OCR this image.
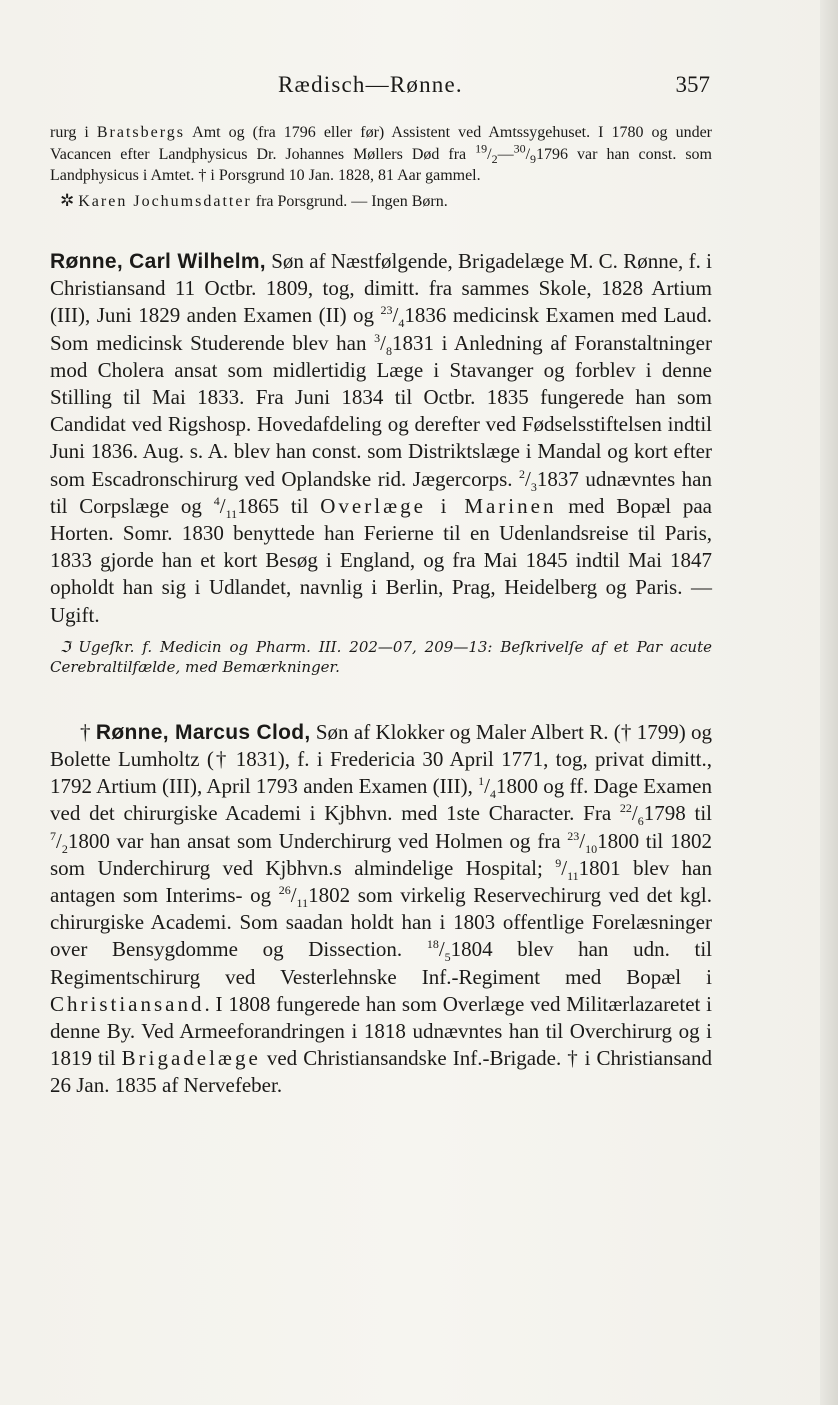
Rædisch—Rønne.	357

rurg i Bratsbergs Amt og (fra 1796 eller før) Assistent ved Amtssygehuset. I 1780 og under Vacancen efter Landphysicus Dr. Johannes Møllers Død fra $^{19}/_2—^{30}/_91796$ var han const. som Landphysicus i Amtet. † i Porsgrund 10 Jan. 1828, 81 Aar gammel.

✲ Karen Jochumsdatter fra Porsgrund. — Ingen Børn.

Rønne, Carl Wilhelm, Søn af Næstfølgende, Brigadelæge M. C. Rønne, f. i Christiansand 11 Octbr. 1809, tog, dimitt. fra sammes Skole, 1828 Artium (III), Juni 1829 anden Examen (II) og $^{23}/_41836$ medicinsk Examen med Laud. Som medicinsk Studerende blev han $^3/_81831$ i Anledning af Foranstaltninger mod Cholera ansat som midlertidig Læge i Stavanger og forblev i denne Stilling til Mai 1833. Fra Juni 1834 til Octbr. 1835 fungerede han som Candidat ved Rigshosp. Hovedafdeling og derefter ved Fødselsstiftelsen indtil Juni 1836. Aug. s. A. blev han const. som Distriktslæge i Mandal og kort efter som Escadronschirurg ved Oplandske rid. Jægercorps. $^2/_31837$ udnævntes han til Corpslæge og $^4/_{11}1865$ til Overlæge i Marinen med Bopæl paa Horten. Somr. 1830 benyttede han Ferierne til en Udenlandsreise til Paris, 1833 gjorde han et kort Besøg i England, og fra Mai 1845 indtil Mai 1847 opholdt han sig i Udlandet, navnlig i Berlin, Prag, Heidelberg og Paris. — Ugift.

ℑ Ugeſkr. f. Medicin og Pharm. III. 202—07, 209—13: Beſkrivelſe af et Par acute Cerebraltilfælde, med Bemærkninger.

† Rønne, Marcus Clod, Søn af Klokker og Maler Albert R. († 1799) og Bolette Lumholtz († 1831), f. i Fredericia 30 April 1771, tog, privat dimitt., 1792 Artium (III), April 1793 anden Examen (III), $^1/_41800$ og ff. Dage Examen ved det chirurgiske Academi i Kjbhvn. med 1ste Character. Fra $^{22}/_61798$ til $^7/_21800$ var han ansat som Underchirurg ved Holmen og fra $^{23}/_{10}1800$ til 1802 som Underchirurg ved Kjbhvn.s almindelige Hospital; $^9/_{11}1801$ blev han antagen som Interims- og $^{26}/_{11}1802$ som virkelig Reservechirurg ved det kgl. chirurgiske Academi. Som saadan holdt han i 1803 offentlige Forelæsninger over Bensygdomme og Dissection. $^{18}/_51804$ blev han udn. til Regimentschirurg ved Vesterlehnske Inf.-Regiment med Bopæl i Christiansand. I 1808 fungerede han som Overlæge ved Militærlazaretet i denne By. Ved Armeeforandringen i 1818 udnævntes han til Overchirurg og i 1819 til Brigadelæge ved Christiansandske Inf.-Brigade. † i Christiansand 26 Jan. 1835 af Nervefeber.
